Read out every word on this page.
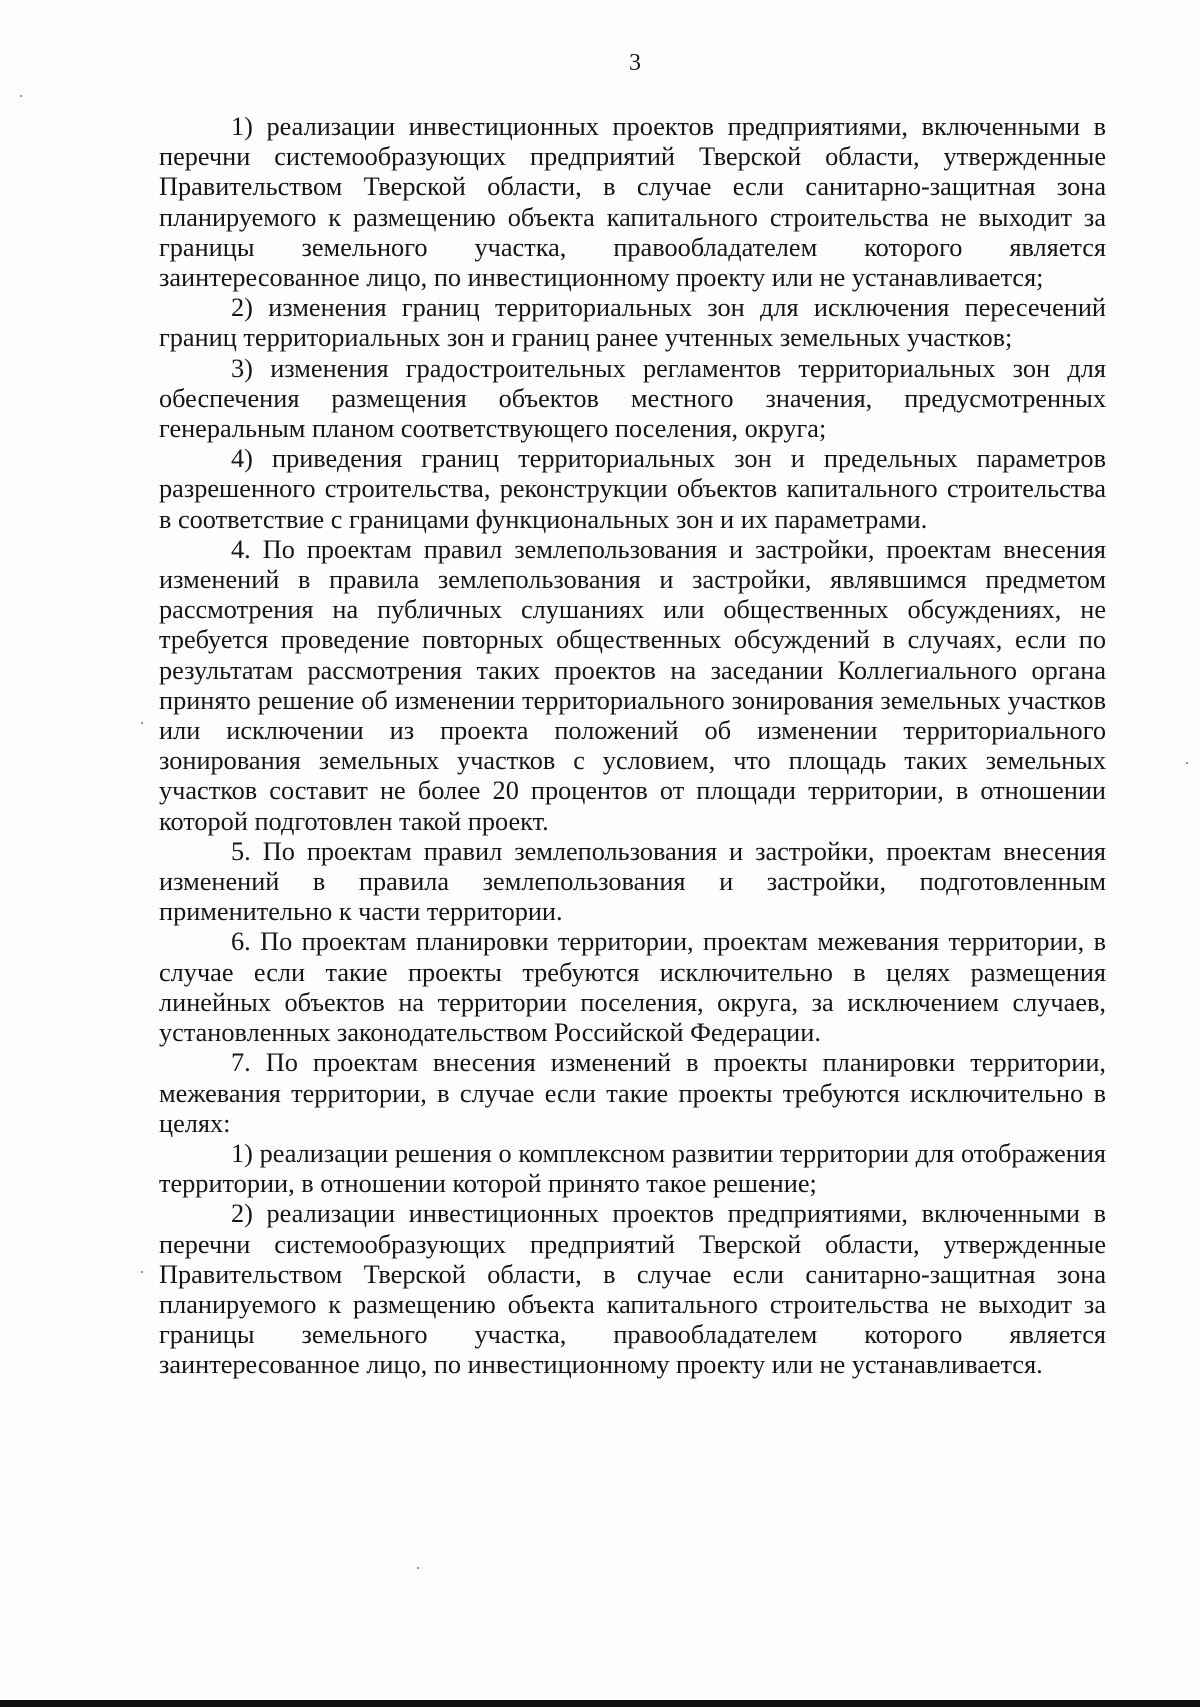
3

1) реализации инвестиционных проектов предприятиями, включенными в перечни системообразующих предприятий Тверской области, утвержденные Правительством Тверской области, в случае если санитарно-защитная зона планируемого к размещению объекта капитального строительства не выходит за границы земельного участка, правообладателем которого является заинтересованное лицо, по инвестиционному проекту или не устанавливается;

2) изменения границ территориальных зон для исключения пересечений границ территориальных зон и границ ранее учтенных земельных участков;

3) изменения градостроительных регламентов территориальных зон для обеспечения размещения объектов местного значения, предусмотренных генеральным планом соответствующего поселения, округа;

4) приведения границ территориальных зон и предельных параметров разрешенного строительства, реконструкции объектов капитального строительства в соответствие с границами функциональных зон и их параметрами.

4. По проектам правил землепользования и застройки, проектам внесения изменений в правила землепользования и застройки, являвшимся предметом рассмотрения на публичных слушаниях или общественных обсуждениях, не требуется проведение повторных общественных обсуждений в случаях, если по результатам рассмотрения таких проектов на заседании Коллегиального органа принято решение об изменении территориального зонирования земельных участков или исключении из проекта положений об изменении территориального зонирования земельных участков с условием, что площадь таких земельных участков составит не более 20 процентов от площади территории, в отношении которой подготовлен такой проект.

5. По проектам правил землепользования и застройки, проектам внесения изменений в правила землепользования и застройки, подготовленным применительно к части территории.

6. По проектам планировки территории, проектам межевания территории, в случае если такие проекты требуются исключительно в целях размещения линейных объектов на территории поселения, округа, за исключением случаев, установленных законодательством Российской Федерации.

7. По проектам внесения изменений в проекты планировки территории, межевания территории, в случае если такие проекты требуются исключительно в целях:

1) реализации решения о комплексном развитии территории для отображения территории, в отношении которой принято такое решение;

2) реализации инвестиционных проектов предприятиями, включенными в перечни системообразующих предприятий Тверской области, утвержденные Правительством Тверской области, в случае если санитарно-защитная зона планируемого к размещению объекта капитального строительства не выходит за границы земельного участка, правообладателем которого является заинтересованное лицо, по инвестиционному проекту или не устанавливается.
